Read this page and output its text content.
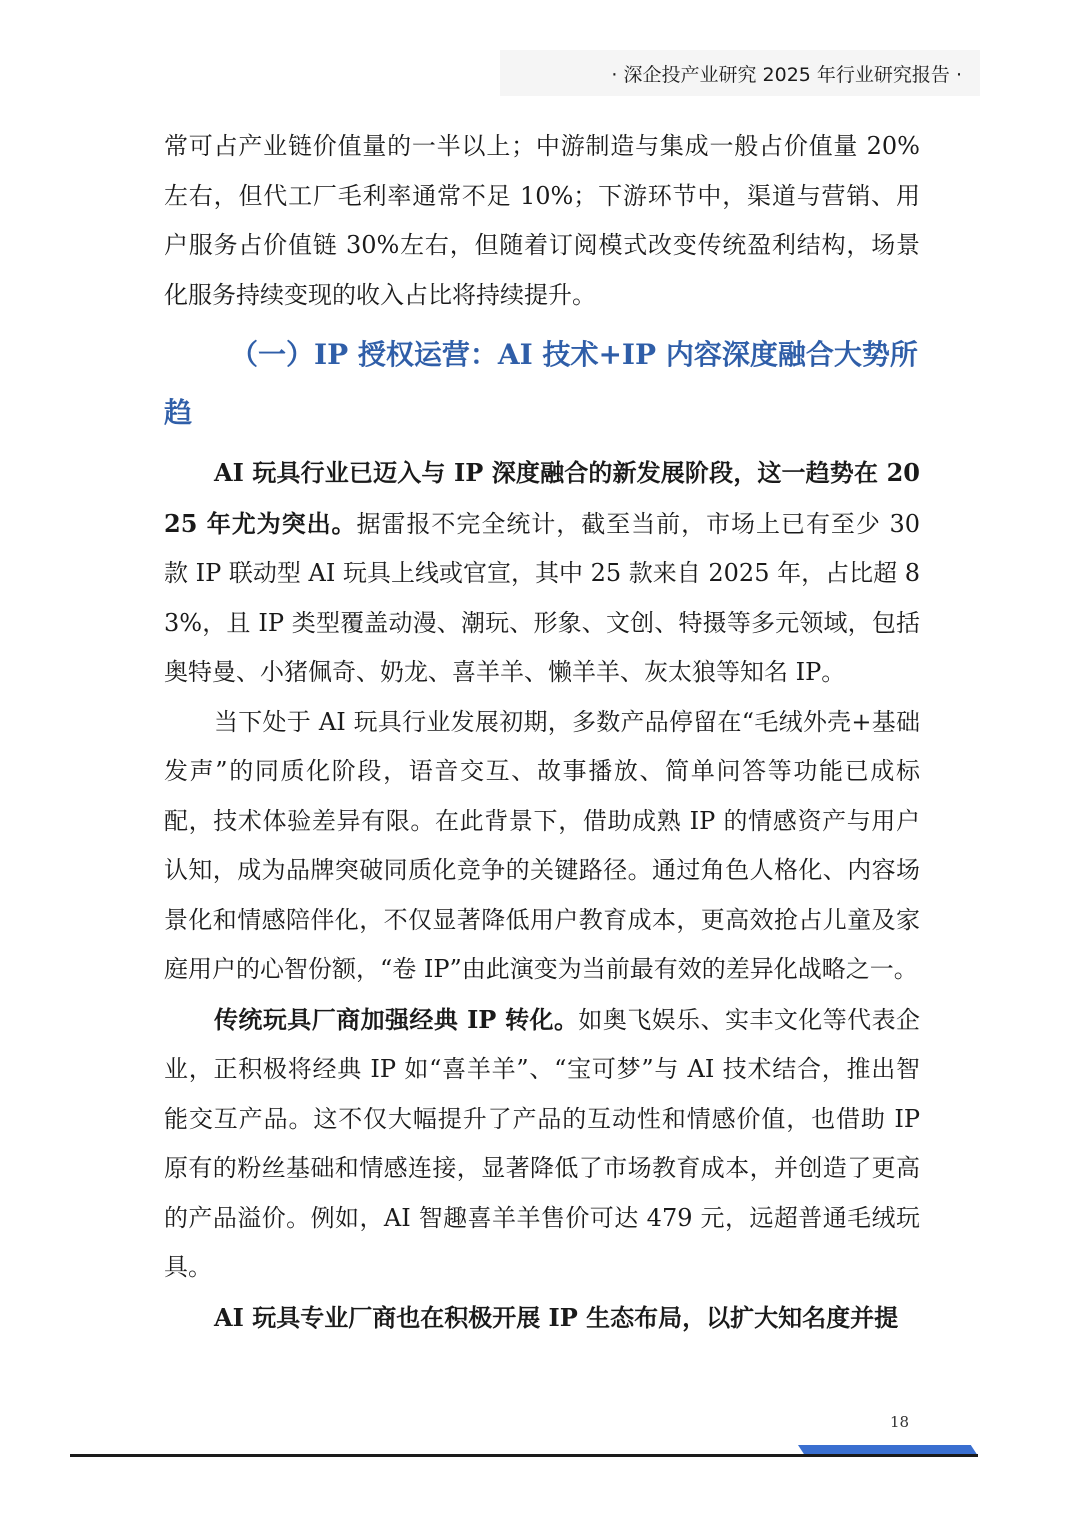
· 深企投产业研究 2025 年行业研究报告 ·

常可占产业链价值量的一半以上；中游制造与集成一般占价值量 20%左右，但代工厂毛利率通常不足 10%；下游环节中，渠道与营销、用户服务占价值链 30%左右，但随着订阅模式改变传统盈利结构，场景化服务持续变现的收入占比将持续提升。

（一）IP 授权运营：AI 技术+IP 内容深度融合大势所趋

AI 玩具行业已迈入与 IP 深度融合的新发展阶段，这一趋势在 2025 年尤为突出。据雷报不完全统计，截至当前，市场上已有至少 30 款 IP 联动型 AI 玩具上线或官宣，其中 25 款来自 2025 年，占比超 83%，且 IP 类型覆盖动漫、潮玩、形象、文创、特摄等多元领域，包括奥特曼、小猪佩奇、奶龙、喜羊羊、懒羊羊、灰太狼等知名 IP。

当下处于 AI 玩具行业发展初期，多数产品停留在“毛绒外壳+基础发声”的同质化阶段，语音交互、故事播放、简单问答等功能已成标配，技术体验差异有限。在此背景下，借助成熟 IP 的情感资产与用户认知，成为品牌突破同质化竞争的关键路径。通过角色人格化、内容场景化和情感陪伴化，不仅显著降低用户教育成本，更高效抢占儿童及家庭用户的心智份额，“卷 IP”由此演变为当前最有效的差异化战略之一。

传统玩具厂商加强经典 IP 转化。如奥飞娱乐、实丰文化等代表企业，正积极将经典 IP 如“喜羊羊”、“宝可梦”与 AI 技术结合，推出智能交互产品。这不仅大幅提升了产品的互动性和情感价值，也借助 IP 原有的粉丝基础和情感连接，显著降低了市场教育成本，并创造了更高的产品溢价。例如，AI 智趣喜羊羊售价可达 479 元，远超普通毛绒玩具。

AI 玩具专业厂商也在积极开展 IP 生态布局，以扩大知名度并提

18
